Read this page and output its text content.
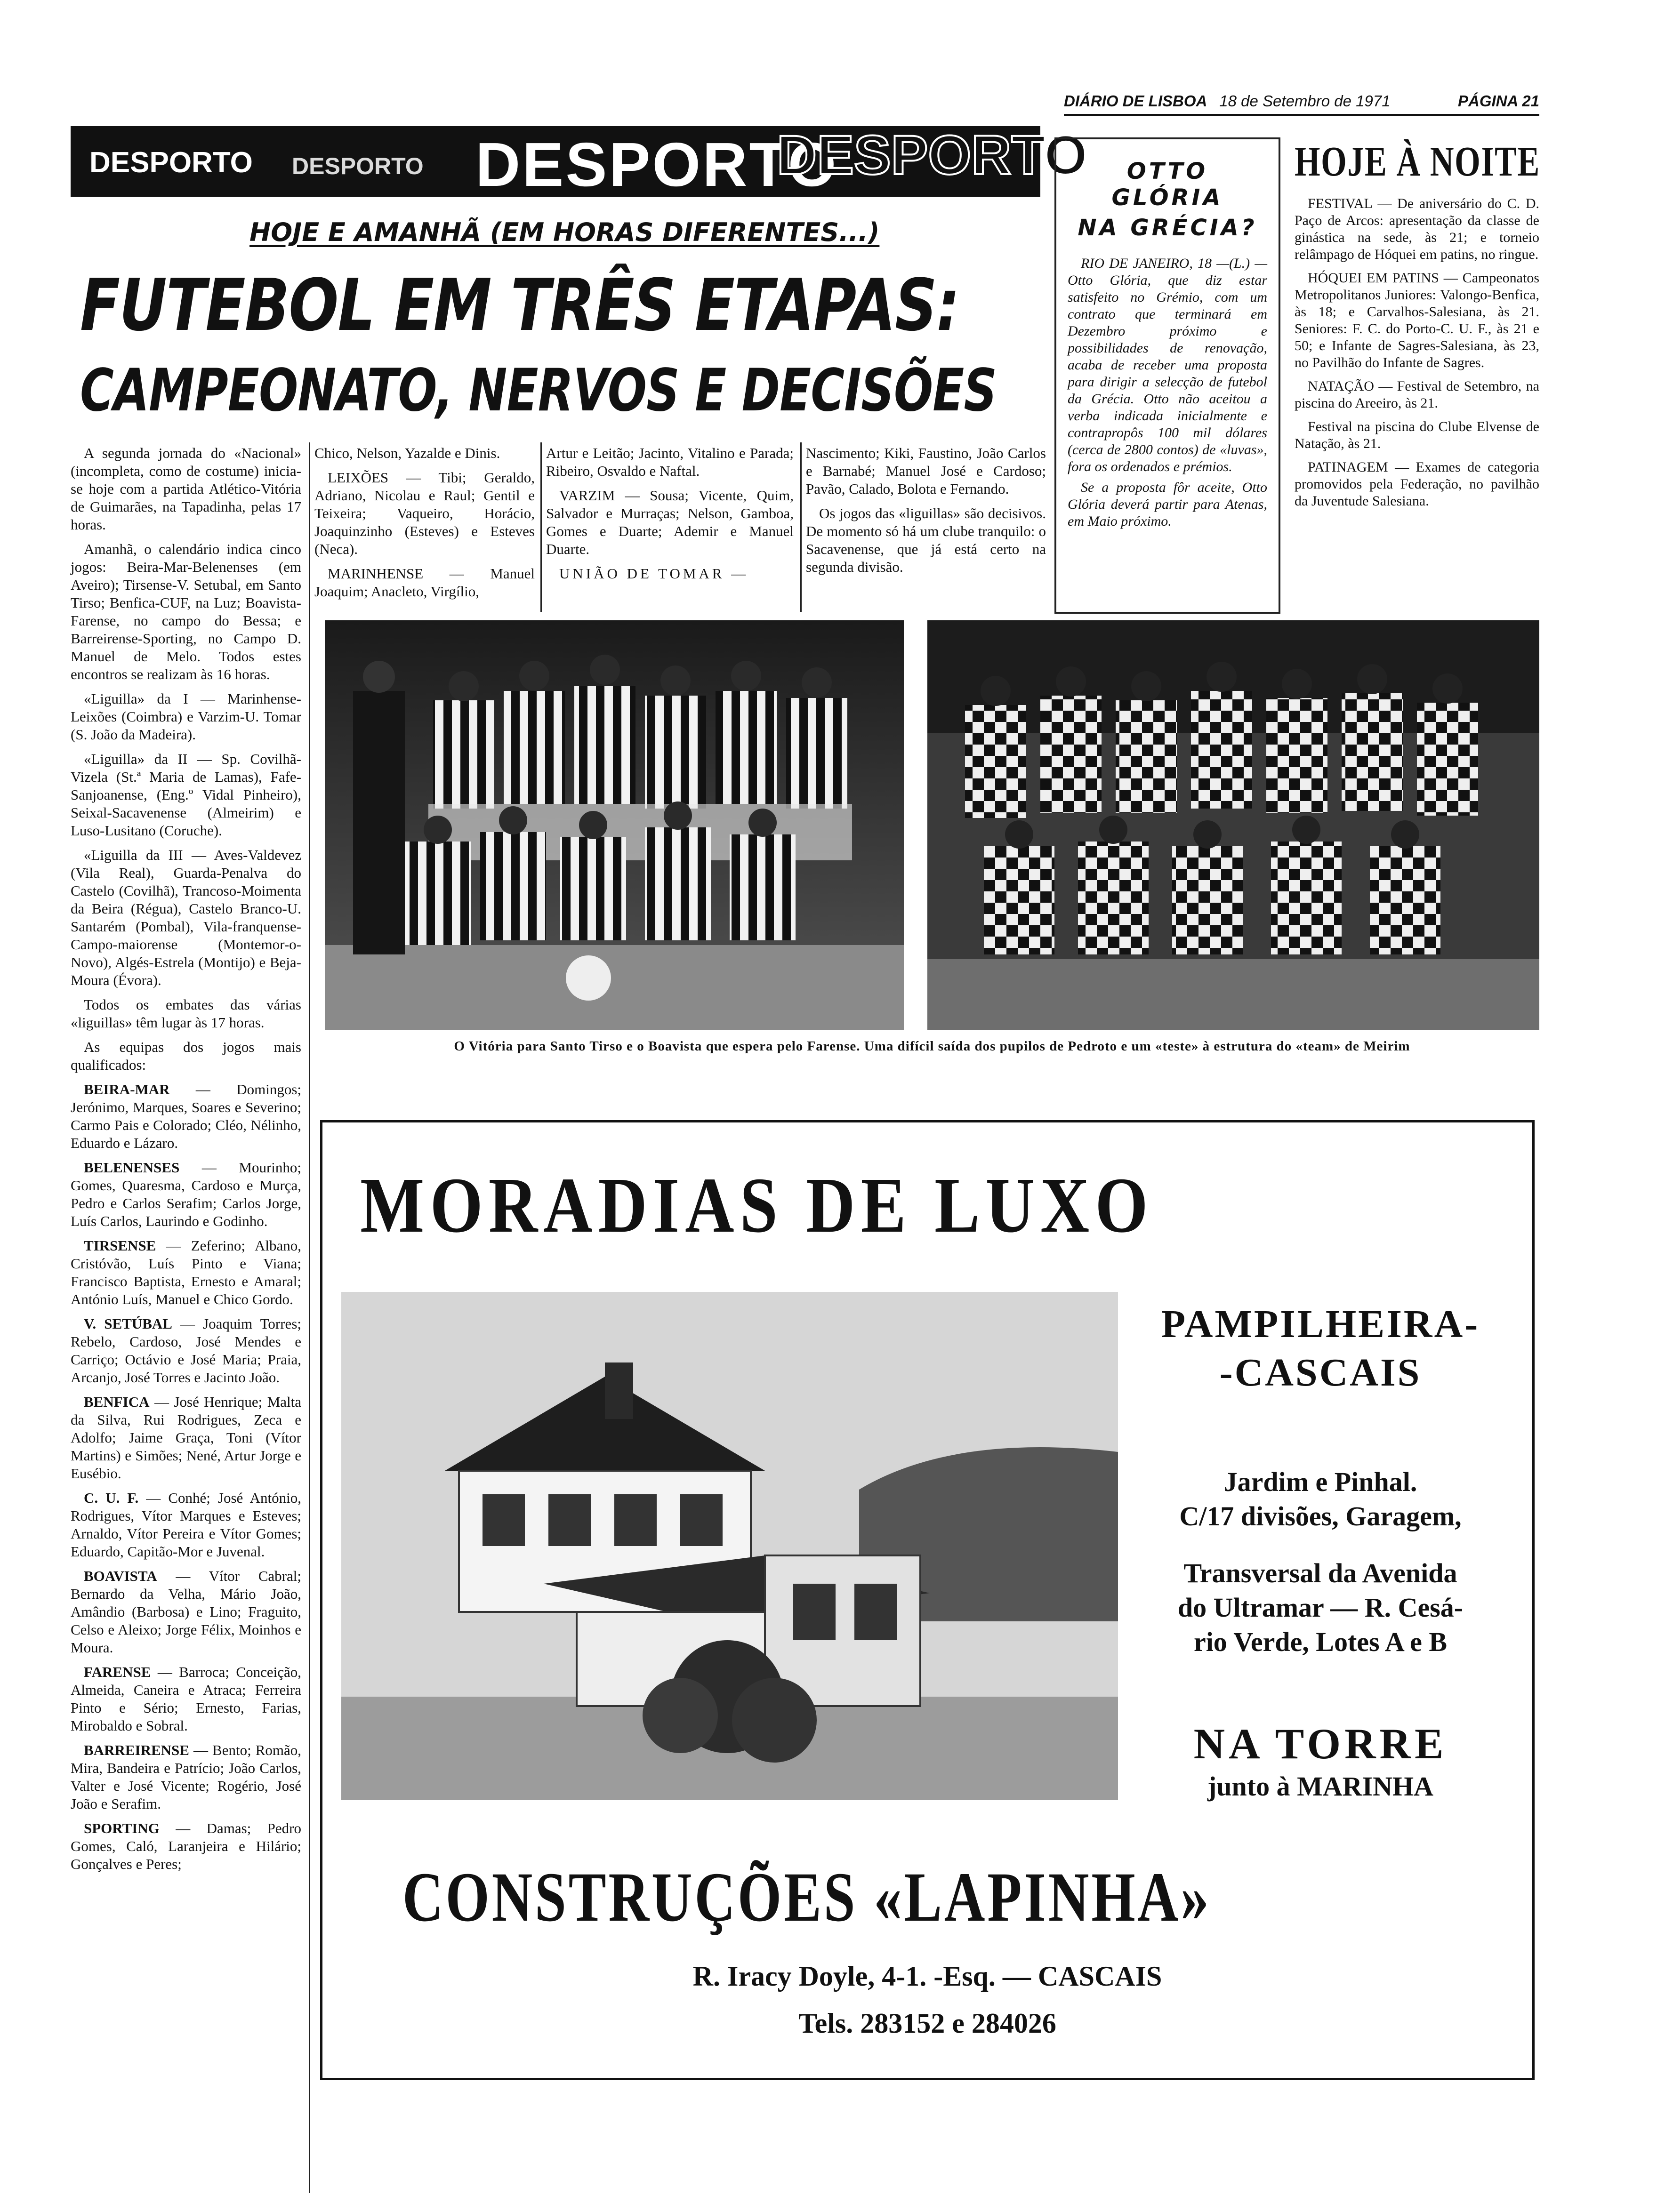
DIÁRIO DE LISBOA 18 de Setembro de 1971	PÁGINA 21
DESPORTO DESPORTO DESPORTO
DESPORTO
HOJE E AMANHÃ (EM HORAS DIFERENTES...)
FUTEBOL EM TRÊS ETAPAS:
CAMPEONATO, NERVOS E DECISÕES
OTTO GLÓRIA
NA GRÉCIA?
RIO DE JANEIRO, 18 —(L.) — Otto Glória, que diz estar satisfeito no Grémio, com um contrato que terminará em Dezembro próximo e possibilidades de renovação, acaba de receber uma proposta para dirigir a selecção de futebol da Grécia. Otto não aceitou a verba indicada inicialmente e contrapropôs 100 mil dólares (cerca de 2800 contos) de «luvas», fora os ordenados e prémios.
Se a proposta fôr aceite, Otto Glória deverá partir para Atenas, em Maio próximo.
HOJE À NOITE

FESTIVAL — De aniversário do C. D. Paço de Arcos: apresentação da classe de ginástica na sede, às 21; e torneio relâmpago de Hóquei em patins, no ringue.

HÓQUEI EM PATINS — Campeonatos Metropolitanos Juniores: Valongo-Benfica, às 18; e Carvalhos-Salesiana, às 21. Seniores: F. C. do Porto-C. U. F., às 21 e 50; e Infante de Sagres-Salesiana, às 23, no Pavilhão do Infante de Sagres.

NATAÇÃO — Festival de Setembro, na piscina do Areeiro, às 21.

Festival na piscina do Clube Elvense de Natação, às 21.

PATINAGEM — Exames de categoria promovidos pela Federação, no pavilhão da Juventude Salesiana.

A segunda jornada do «Nacional» (incompleta, como de costume) inicia-se hoje com a partida Atlético-Vitória de Guimarães, na Tapadinha, pelas 17 horas.

Amanhã, o calendário indica cinco jogos: Beira-Mar-Belenenses (em Aveiro); Tirsense-V. Setubal, em Santo Tirso; Benfica-CUF, na Luz; Boavista-Farense, no campo do Bessa; e Barreirense-Sporting, no Campo D. Manuel de Melo. Todos estes encontros se realizam às 16 horas.

«Liguilla» da I — Marinhense-Leixões (Coimbra) e Varzim-U. Tomar (S. João da Madeira).

«Liguilla» da II — Sp. Covilhã-Vizela (St.ª Maria de Lamas), Fafe-Sanjoanense, (Eng.º Vidal Pinheiro), Seixal-Sacavenense (Almeirim) e Luso-Lusitano (Coruche).

«Liguilla da III — Aves-Valdevez (Vila Real), Guarda-Penalva do Castelo (Covilhã), Trancoso-Moimenta da Beira (Régua), Castelo Branco-U. Santarém (Pombal), Vila-franquense-Campo-maiorense (Montemor-o-Novo), Algés-Estrela (Montijo) e Beja-Moura (Évora).

Todos os embates das várias «liguillas» têm lugar às 17 horas.

As equipas dos jogos mais qualificados:

BEIRA-MAR — Domingos; Jerónimo, Marques, Soares e Severino; Carmo Pais e Colorado; Cléo, Nélinho, Eduardo e Lázaro.

BELENENSES — Mourinho; Gomes, Quaresma, Cardoso e Murça, Pedro e Carlos Serafim; Carlos Jorge, Luís Carlos, Laurindo e Godinho.

TIRSENSE — Zeferino; Albano, Cristóvão, Luís Pinto e Viana; Francisco Baptista, Ernesto e Amaral; António Luís, Manuel e Chico Gordo.

V. SETÚBAL — Joaquim Torres; Rebelo, Cardoso, José Mendes e Carriço; Octávio e José Maria; Praia, Arcanjo, José Torres e Jacinto João.

BENFICA — José Henrique; Malta da Silva, Rui Rodrigues, Zeca e Adolfo; Jaime Graça, Toni (Vítor Martins) e Simões; Nené, Artur Jorge e Eusébio.

C. U. F. — Conhé; José António, Rodrigues, Vítor Marques e Esteves; Arnaldo, Vítor Pereira e Vítor Gomes; Eduardo, Capitão-Mor e Juvenal.

BOAVISTA — Vítor Cabral; Bernardo da Velha, Mário João, Amândio (Barbosa) e Lino; Fraguito, Celso e Aleixo; Jorge Félix, Moinhos e Moura.

FARENSE — Barroca; Conceição, Almeida, Caneira e Atraca; Ferreira Pinto e Sério; Ernesto, Farias, Mirobaldo e Sobral.

BARREIRENSE — Bento; Romão, Mira, Bandeira e Patrício; João Carlos, Valter e José Vicente; Rogério, José João e Serafim.

SPORTING — Damas; Pedro Gomes, Caló, Laranjeira e Hilário; Gonçalves e Peres;

Chico, Nelson, Yazalde e Dinis.

LEIXÕES — Tibi; Geraldo, Adriano, Nicolau e Raul; Gentil e Teixeira; Vaqueiro, Horácio, Joaquinzinho (Esteves) e Esteves (Neca).

MARINHENSE — Manuel Joaquim; Anacleto, Virgílio,

Artur e Leitão; Jacinto, Vitalino e Parada; Ribeiro, Osvaldo e Naftal.

VARZIM — Sousa; Vicente, Quim, Salvador e Murraças; Nelson, Gamboa, Gomes e Duarte; Ademir e Manuel Duarte.

UNIÃO DE TOMAR —

Nascimento; Kiki, Faustino, João Carlos e Barnabé; Manuel José e Cardoso; Pavão, Calado, Bolota e Fernando.

Os jogos das «liguillas» são decisivos. De momento só há um clube tranquilo: o Sacavenense, que já está certo na segunda divisão.

O Vitória para Santo Tirso e o Boavista que espera pelo Farense. Uma difícil saída dos pupilos de Pedroto e um «teste» à estrutura do «team» de Meirim
MORADIAS DE LUXO
PAMPILHEIRA-
-CASCAIS
Jardim e Pinhal.
C/17 divisões, Garagem,
Transversal da Avenida
do Ultramar — R. Cesá-
rio Verde, Lotes A e B
NA TORRE
junto à MARINHA
CONSTRUÇÕES «LAPINHA»
R. Iracy Doyle, 4-1. -Esq. — CASCAIS
Tels. 283152 e 284026
